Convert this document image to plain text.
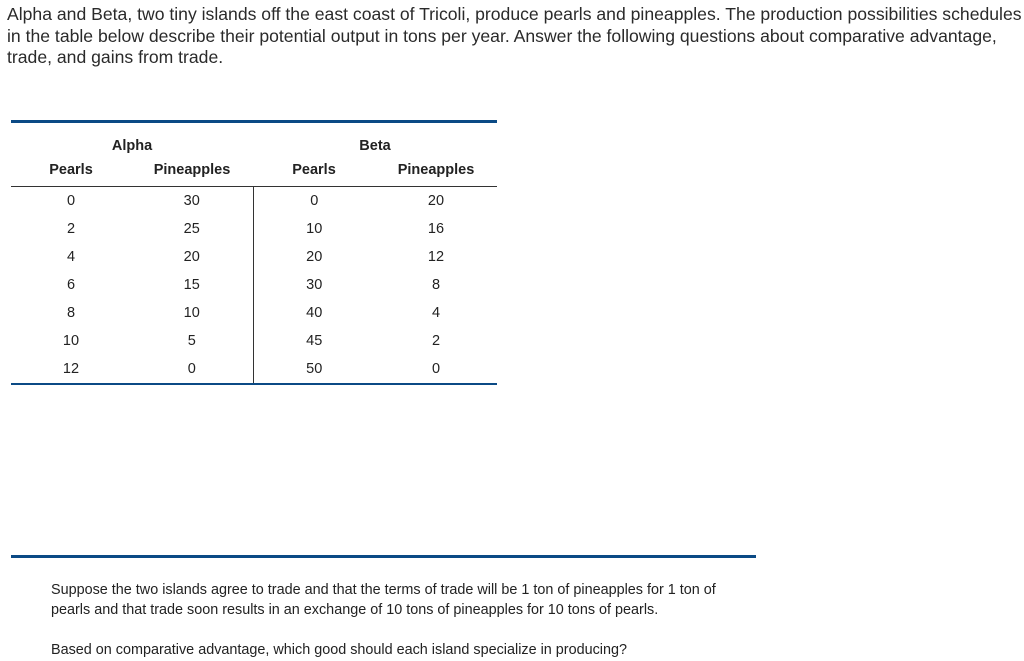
Alpha and Beta, two tiny islands off the east coast of Tricoli, produce pearls and pineapples. The production possibilities schedules in the table below describe their potential output in tons per year. Answer the following questions about comparative advantage, trade, and gains from trade.

Alpha		Beta	
Pearls	Pineapples	Pearls	Pineapples
0	30	0	20
2	25	10	16
4	20	20	12
6	15	30	8
8	10	40	4
10	5	45	2
12	0	50	0

Suppose the two islands agree to trade and that the terms of trade will be 1 ton of pineapples for 1 ton of pearls and that trade soon results in an exchange of 10 tons of pineapples for 10 tons of pearls.

Based on comparative advantage, which good should each island specialize in producing?
